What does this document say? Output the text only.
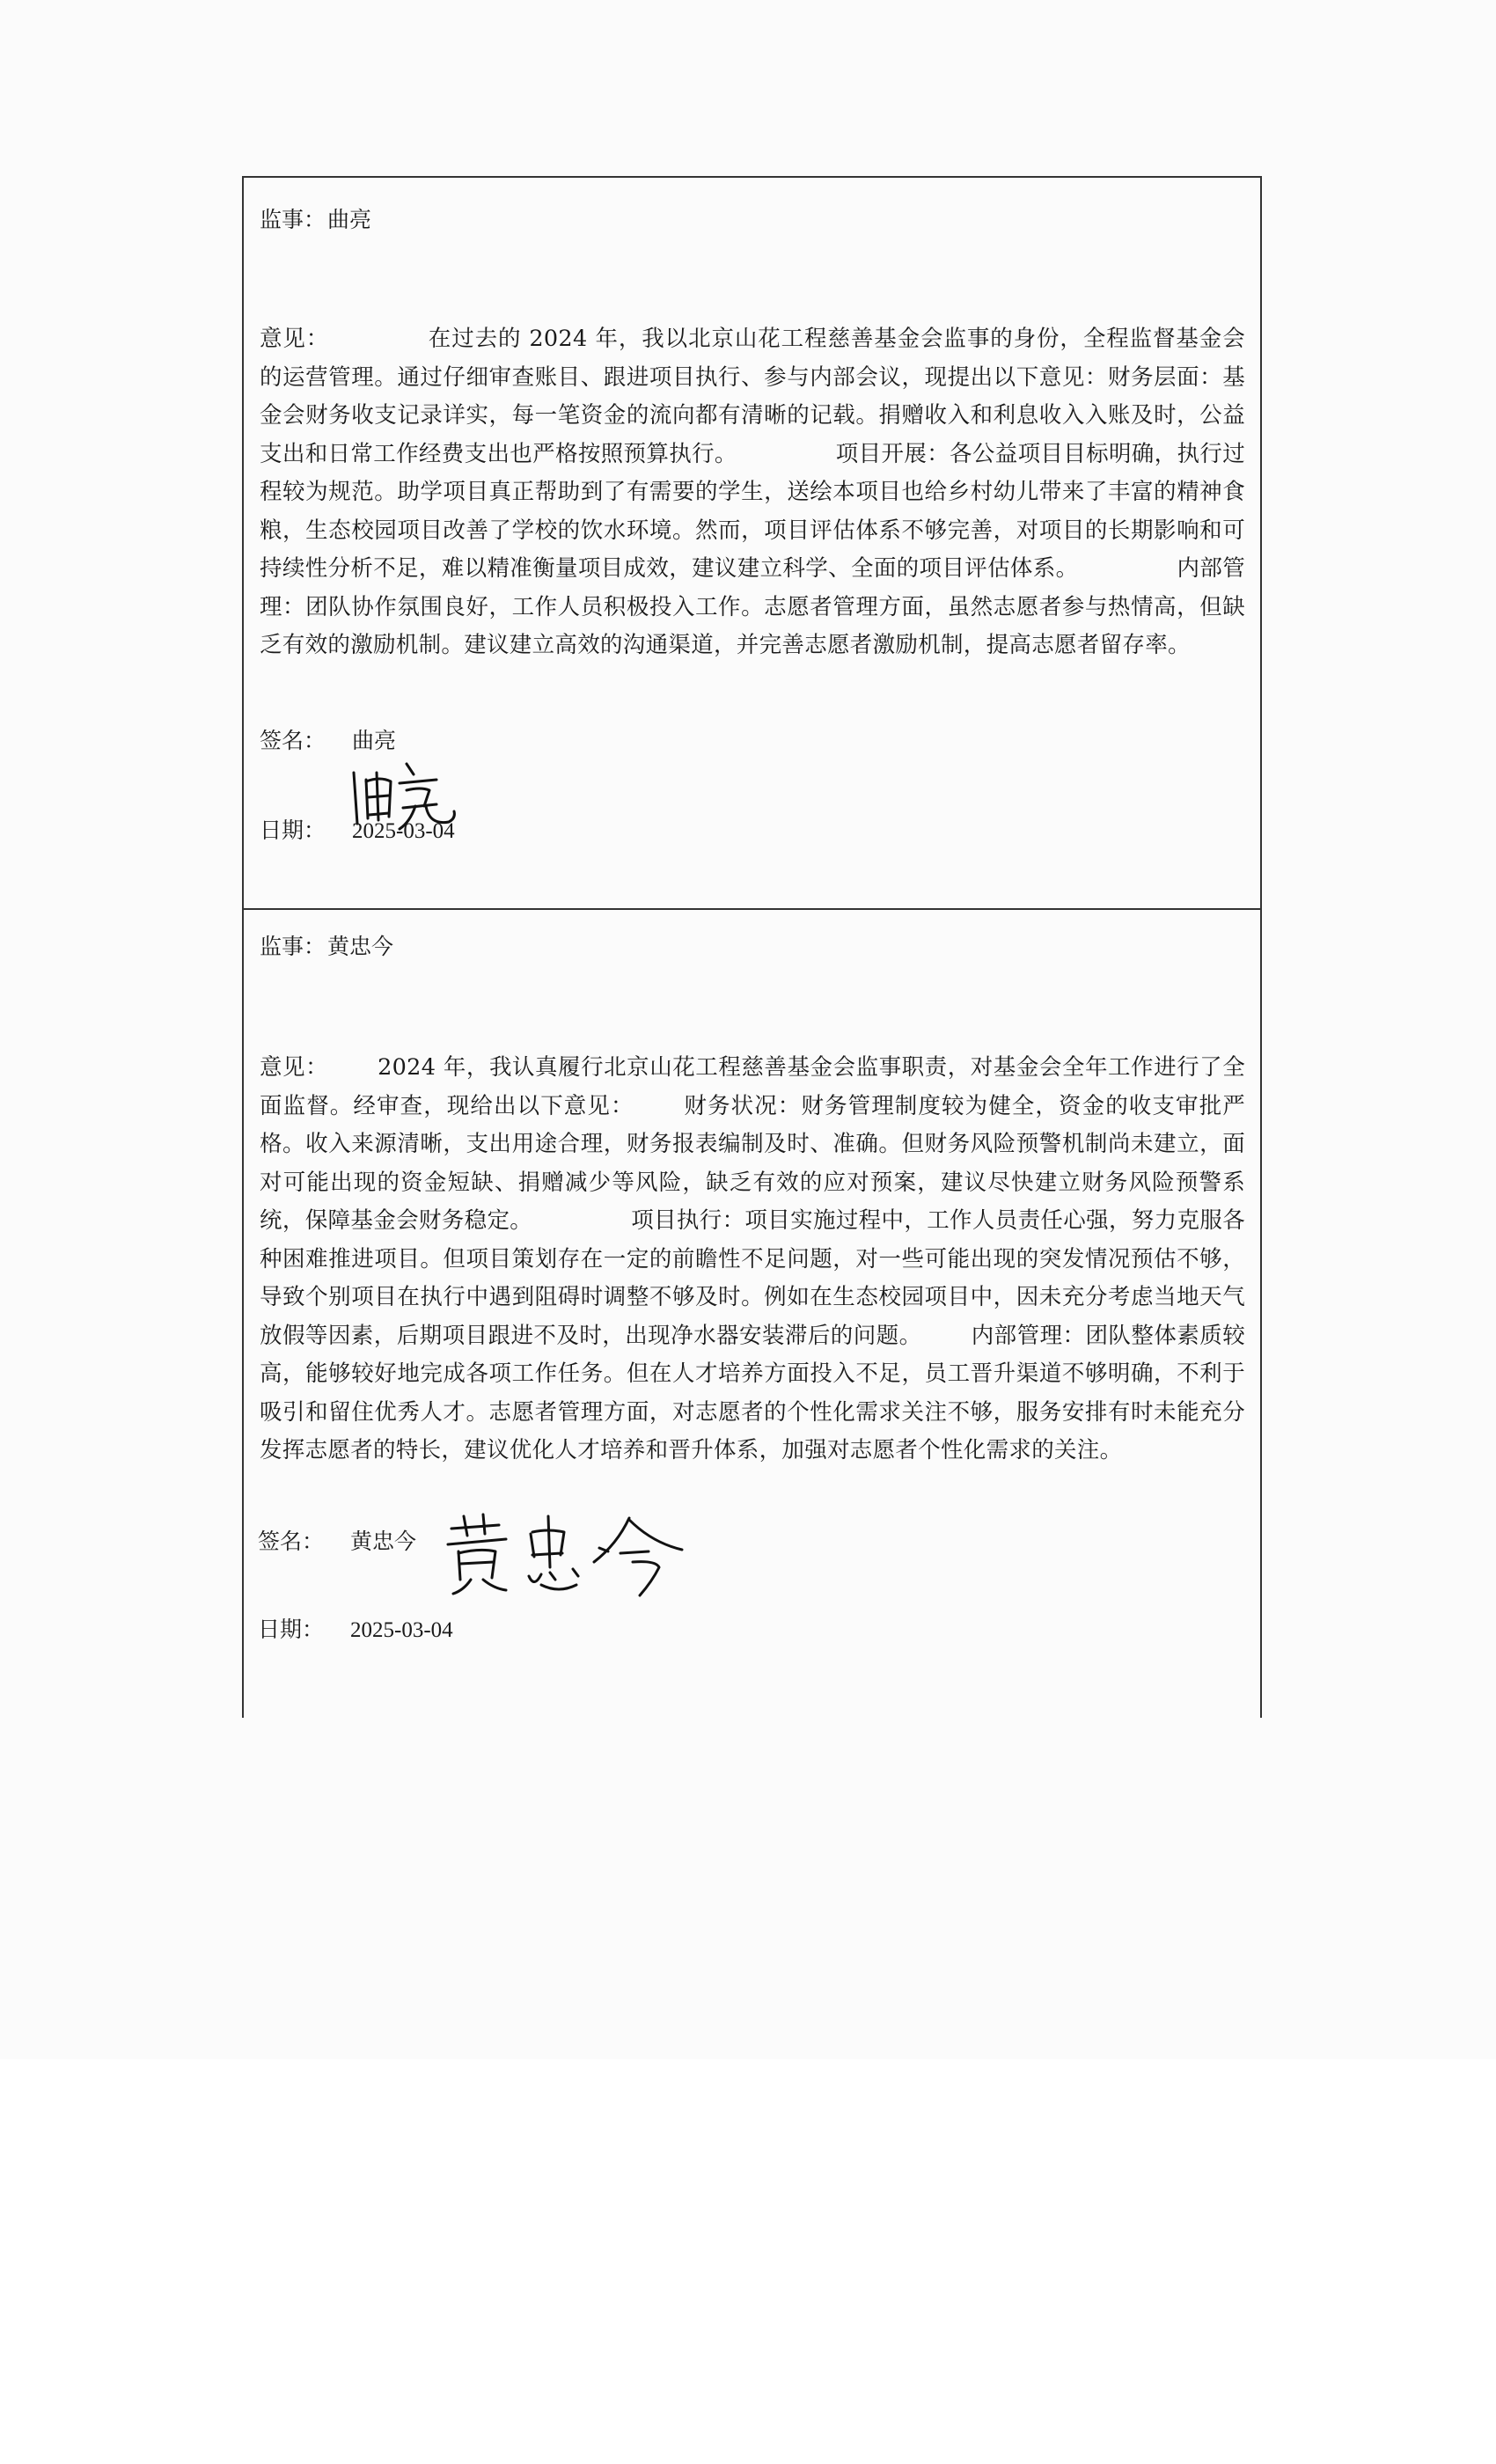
监事：曲亮
意见：	在过去的 2024 年，我以北京山花工程慈善基金会监事的身份，全程监督基金会的运营管理。通过仔细审查账目、跟进项目执行、参与内部会议，现提出以下意见：财务层面：基金会财务收支记录详实，每一笔资金的流向都有清晰的记载。捐赠收入和利息收入入账及时，公益支出和日常工作经费支出也严格按照预算执行。	项目开展：各公益项目目标明确，执行过程较为规范。助学项目真正帮助到了有需要的学生，送绘本项目也给乡村幼儿带来了丰富的精神食粮，生态校园项目改善了学校的饮水环境。然而，项目评估体系不够完善，对项目的长期影响和可持续性分析不足，难以精准衡量项目成效，建议建立科学、全面的项目评估体系。	内部管理：团队协作氛围良好，工作人员积极投入工作。志愿者管理方面，虽然志愿者参与热情高，但缺乏有效的激励机制。建议建立高效的沟通渠道，并完善志愿者激励机制，提高志愿者留存率。
签名： 曲亮
日期： 2025-03-04
监事：黄忠今
意见： 2024 年，我认真履行北京山花工程慈善基金会监事职责，对基金会全年工作进行了全面监督。经审查，现给出以下意见： 财务状况：财务管理制度较为健全，资金的收支审批严格。收入来源清晰，支出用途合理，财务报表编制及时、准确。但财务风险预警机制尚未建立，面对可能出现的资金短缺、捐赠减少等风险，缺乏有效的应对预案，建议尽快建立财务风险预警系统，保障基金会财务稳定。	项目执行：项目实施过程中，工作人员责任心强，努力克服各种困难推进项目。但项目策划存在一定的前瞻性不足问题，对一些可能出现的突发情况预估不够，导致个别项目在执行中遇到阻碍时调整不够及时。例如在生态校园项目中，因未充分考虑当地天气放假等因素，后期项目跟进不及时，出现净水器安装滞后的问题。 内部管理：团队整体素质较高，能够较好地完成各项工作任务。但在人才培养方面投入不足，员工晋升渠道不够明确，不利于吸引和留住优秀人才。志愿者管理方面，对志愿者的个性化需求关注不够，服务安排有时未能充分发挥志愿者的特长，建议优化人才培养和晋升体系，加强对志愿者个性化需求的关注。
签名： 黄忠今
日期： 2025-03-04
